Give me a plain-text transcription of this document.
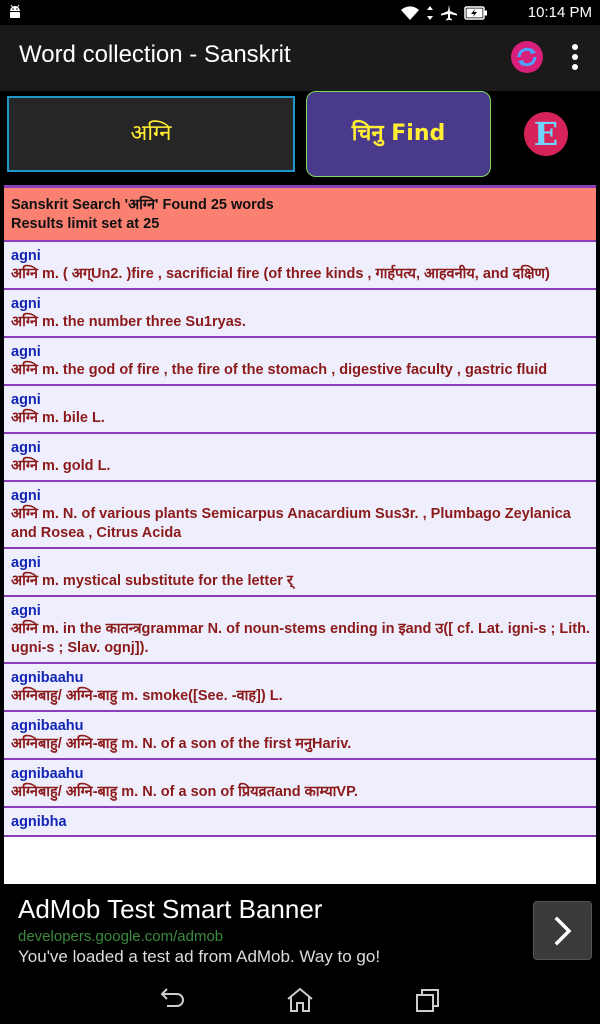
10:14 PM
Word collection - Sanskrit
अग्नि	चिनु Find	E
Sanskrit Search 'अग्नि' Found 25 words
Results limit set at 25
agni
अग्नि m. ( अग्Un2. )fire , sacrificial fire (of three kinds , गार्हपत्य, आहवनीय, and दक्षिण)
agni
अग्नि m. the number three Su1ryas.
agni
अग्नि m. the god of fire , the fire of the stomach , digestive faculty , gastric fluid
agni
अग्नि m. bile L.
agni
अग्नि m. gold L.
agni
अग्नि m. N. of various plants Semicarpus Anacardium Sus3r. , Plumbago Zeylanica and Rosea , Citrus Acida
agni
अग्नि m. mystical substitute for the letter र्
agni
अग्नि m. in the कातन्त्रgrammar N. of noun-stems ending in इand उ([ cf. Lat. igni-s ; Lith. ugni-s ; Slav. ognj]).
agnibaahu
अग्निबाहु/ अग्नि-बाहु m. smoke([See. -वाह]) L.
agnibaahu
अग्निबाहु/ अग्नि-बाहु m. N. of a son of the first मनुHariv.
agnibaahu
अग्निबाहु/ अग्नि-बाहु m. N. of a son of प्रियव्रतand काम्याVP.
agnibha
AdMob Test Smart Banner
developers.google.com/admob
You've loaded a test ad from AdMob. Way to go!
